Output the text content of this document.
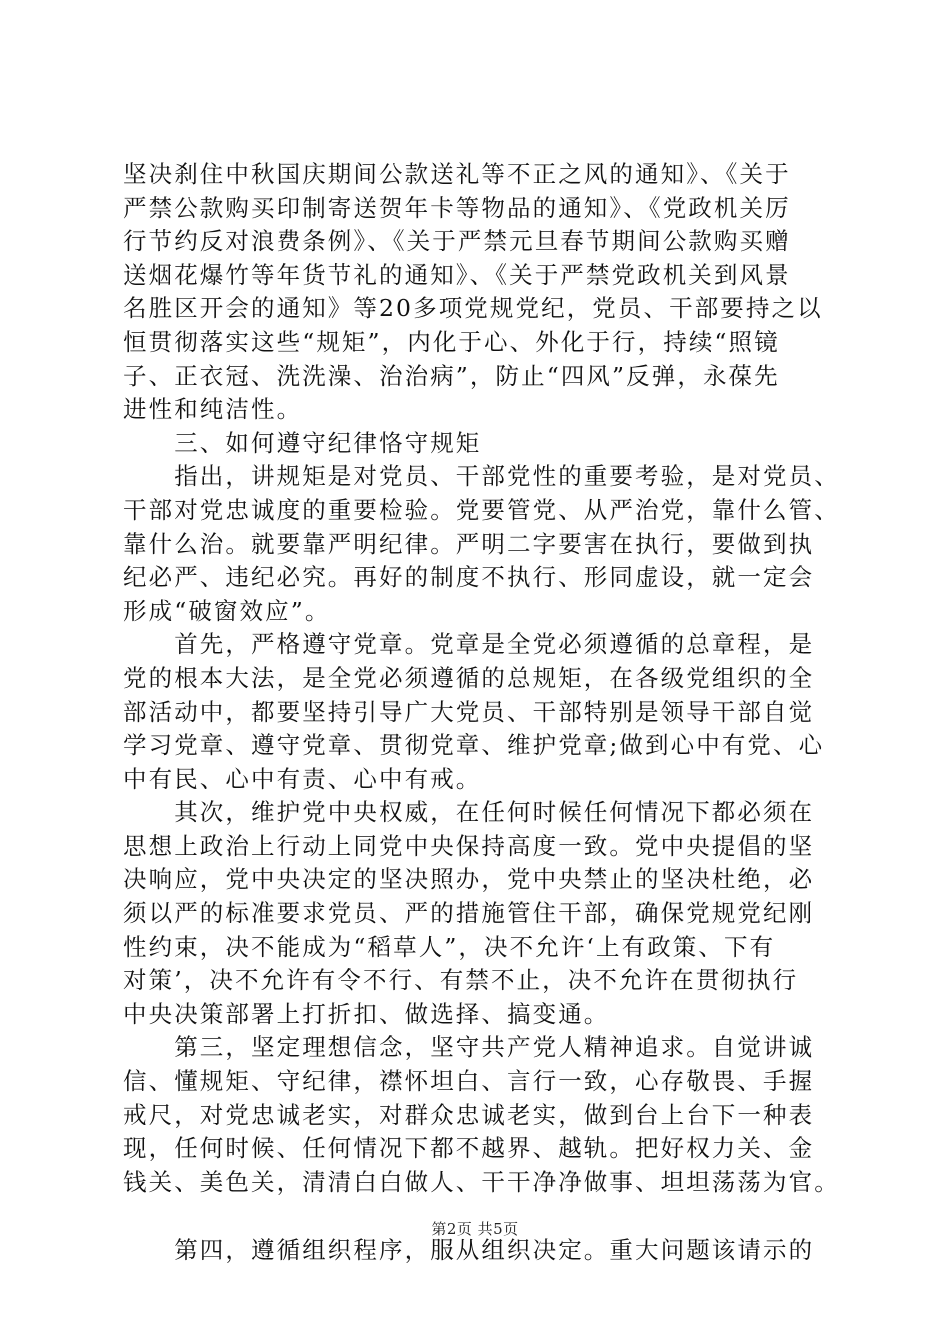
坚决刹住中秋国庆期间公款送礼等不正之风的通知》、《关于
严禁公款购买印制寄送贺年卡等物品的通知》、《党政机关厉
行节约反对浪费条例》、《关于严禁元旦春节期间公款购买赠
送烟花爆竹等年货节礼的通知》、《关于严禁党政机关到风景
名胜区开会的通知》等20多项党规党纪，党员、干部要持之以
恒贯彻落实这些“规矩”，内化于心、外化于行，持续“照镜
子、正衣冠、洗洗澡、治治病”，防止“四风”反弹，永葆先
进性和纯洁性。
　　三、如何遵守纪律恪守规矩
　　指出，讲规矩是对党员、干部党性的重要考验，是对党员、
干部对党忠诚度的重要检验。党要管党、从严治党，靠什么管、
靠什么治。就要靠严明纪律。严明二字要害在执行，要做到执
纪必严、违纪必究。再好的制度不执行、形同虚设，就一定会
形成“破窗效应”。
　　首先，严格遵守党章。党章是全党必须遵循的总章程，是
党的根本大法，是全党必须遵循的总规矩，在各级党组织的全
部活动中，都要坚持引导广大党员、干部特别是领导干部自觉
学习党章、遵守党章、贯彻党章、维护党章;做到心中有党、心
中有民、心中有责、心中有戒。
　　其次，维护党中央权威，在任何时候任何情况下都必须在
思想上政治上行动上同党中央保持高度一致。党中央提倡的坚
决响应，党中央决定的坚决照办，党中央禁止的坚决杜绝，必
须以严的标准要求党员、严的措施管住干部，确保党规党纪刚
性约束，决不能成为“稻草人”，决不允许‘上有政策、下有
对策’，决不允许有令不行、有禁不止，决不允许在贯彻执行
中央决策部署上打折扣、做选择、搞变通。
　　第三，坚定理想信念，坚守共产党人精神追求。自觉讲诚
信、懂规矩、守纪律，襟怀坦白、言行一致，心存敬畏、手握
戒尺，对党忠诚老实，对群众忠诚老实，做到台上台下一种表
现，任何时候、任何情况下都不越界、越轨。把好权力关、金
钱关、美色关，清清白白做人、干干净净做事、坦坦荡荡为官。
　　第四，遵循组织程序，服从组织决定。重大问题该请示的
第2页 共5页
